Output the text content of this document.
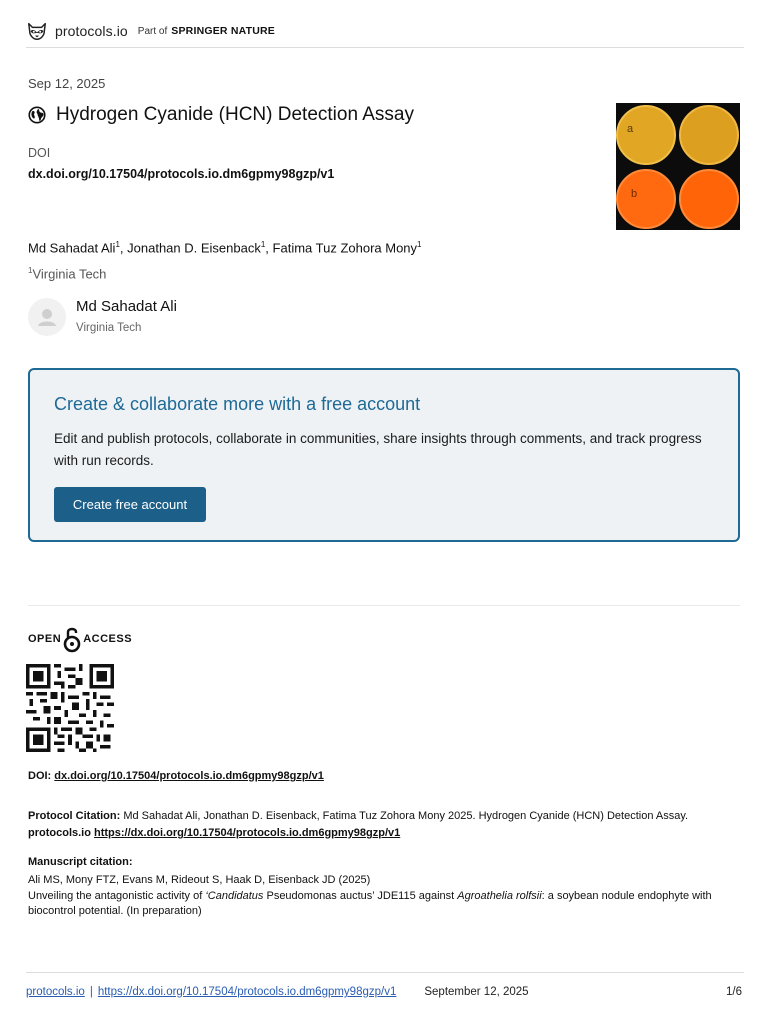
protocols.io Part of SPRINGER NATURE
Sep 12, 2025
Hydrogen Cyanide (HCN) Detection Assay
DOI
dx.doi.org/10.17504/protocols.io.dm6gpmy98gzp/v1
a
b
Md Sahadat Ali$^1$, Jonathan D. Eisenback$^1$, Fatima Tuz Zohora Mony$^1$
$^1$Virginia Tech
Md Sahadat Ali
Virginia Tech
Create & collaborate more with a free account
Edit and publish protocols, collaborate in communities, share insights through comments, and track progress with run records.
Create free account
OPEN ACCESS
DOI: dx.doi.org/10.17504/protocols.io.dm6gpmy98gzp/v1
Protocol Citation: Md Sahadat Ali, Jonathan D. Eisenback, Fatima Tuz Zohora Mony 2025. Hydrogen Cyanide (HCN) Detection Assay. protocols.io https://dx.doi.org/10.17504/protocols.io.dm6gpmy98gzp/v1
Manuscript citation:
Ali MS, Mony FTZ, Evans M, Rideout S, Haak D, Eisenback JD (2025)
Unveiling the antagonistic activity of ‘Candidatus Pseudomonas auctus’ JDE115 against Agroathelia rolfsii: a soybean nodule endophyte with biocontrol potential. (In preparation)
protocols.io | https://dx.doi.org/10.17504/protocols.io.dm6gpmy98gzp/v1 September 12, 2025	1/6
